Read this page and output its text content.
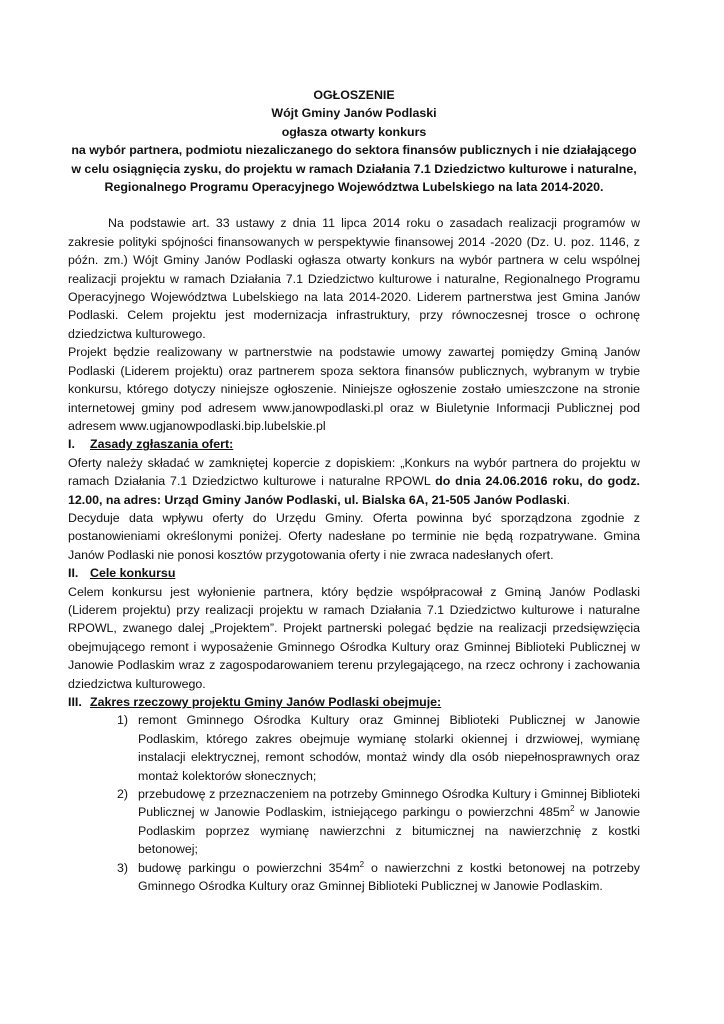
OGŁOSZENIE

Wójt Gminy Janów Podlaski

ogłasza otwarty konkurs

na wybór partnera, podmiotu niezaliczanego do sektora finansów publicznych i nie działającego w celu osiągnięcia zysku, do projektu w ramach Działania 7.1 Dziedzictwo kulturowe i naturalne, Regionalnego Programu Operacyjnego Województwa Lubelskiego na lata 2014-2020.

Na podstawie art. 33 ustawy z dnia 11 lipca 2014 roku o zasadach realizacji programów w zakresie polityki spójności finansowanych w perspektywie finansowej 2014 -2020 (Dz. U. poz. 1146, z późn. zm.) Wójt Gminy Janów Podlaski ogłasza otwarty konkurs na wybór partnera w celu wspólnej realizacji projektu w ramach Działania 7.1 Dziedzictwo kulturowe i naturalne, Regionalnego Programu Operacyjnego Województwa Lubelskiego na lata 2014-2020. Liderem partnerstwa jest Gmina Janów Podlaski. Celem projektu jest modernizacja infrastruktury, przy równoczesnej trosce o ochronę dziedzictwa kulturowego.

Projekt będzie realizowany w partnerstwie na podstawie umowy zawartej pomiędzy Gminą Janów Podlaski (Liderem projektu) oraz partnerem spoza sektora finansów publicznych, wybranym w trybie konkursu, którego dotyczy niniejsze ogłoszenie. Niniejsze ogłoszenie zostało umieszczone na stronie internetowej gminy pod adresem www.janowpodlaski.pl oraz w Biuletynie Informacji Publicznej pod adresem www.ugjanowpodlaski.bip.lubelskie.pl

I.	Zasady zgłaszania ofert:

Oferty należy składać w zamkniętej kopercie z dopiskiem: „Konkurs na wybór partnera do projektu w ramach Działania 7.1 Dziedzictwo kulturowe i naturalne RPOWL do dnia 24.06.2016 roku, do godz. 12.00, na adres: Urząd Gminy Janów Podlaski, ul. Bialska 6A, 21-505 Janów Podlaski.

Decyduje data wpływu oferty do Urzędu Gminy. Oferta powinna być sporządzona zgodnie z postanowieniami określonymi poniżej. Oferty nadesłane po terminie nie będą rozpatrywane. Gmina Janów Podlaski nie ponosi kosztów przygotowania oferty i nie zwraca nadesłanych ofert.

II. Cele konkursu

Celem konkursu jest wyłonienie partnera, który będzie współpracował z Gminą Janów Podlaski (Liderem projektu) przy realizacji projektu w ramach Działania 7.1 Dziedzictwo kulturowe i naturalne RPOWL, zwanego dalej „Projektem”. Projekt partnerski polegać będzie na realizacji przedsięwzięcia obejmującego remont i wyposażenie Gminnego Ośrodka Kultury oraz Gminnej Biblioteki Publicznej w Janowie Podlaskim wraz z zagospodarowaniem terenu przylegającego, na rzecz ochrony i zachowania dziedzictwa kulturowego.

III. Zakres rzeczowy projektu Gminy Janów Podlaski obejmuje:
1) remont Gminnego Ośrodka Kultury oraz Gminnej Biblioteki Publicznej w Janowie Podlaskim, którego zakres obejmuje wymianę stolarki okiennej i drzwiowej, wymianę instalacji elektrycznej, remont schodów, montaż windy dla osób niepełnosprawnych oraz montaż kolektorów słonecznych;
2) przebudowę z przeznaczeniem na potrzeby Gminnego Ośrodka Kultury i Gminnej Biblioteki Publicznej w Janowie Podlaskim, istniejącego parkingu o powierzchni $485m^2$ w Janowie Podlaskim poprzez wymianę nawierzchni z bitumicznej na nawierzchnię z kostki betonowej;
3) budowę parkingu o powierzchni $354m^2$ o nawierzchni z kostki betonowej na potrzeby Gminnego Ośrodka Kultury oraz Gminnej Biblioteki Publicznej w Janowie Podlaskim.
